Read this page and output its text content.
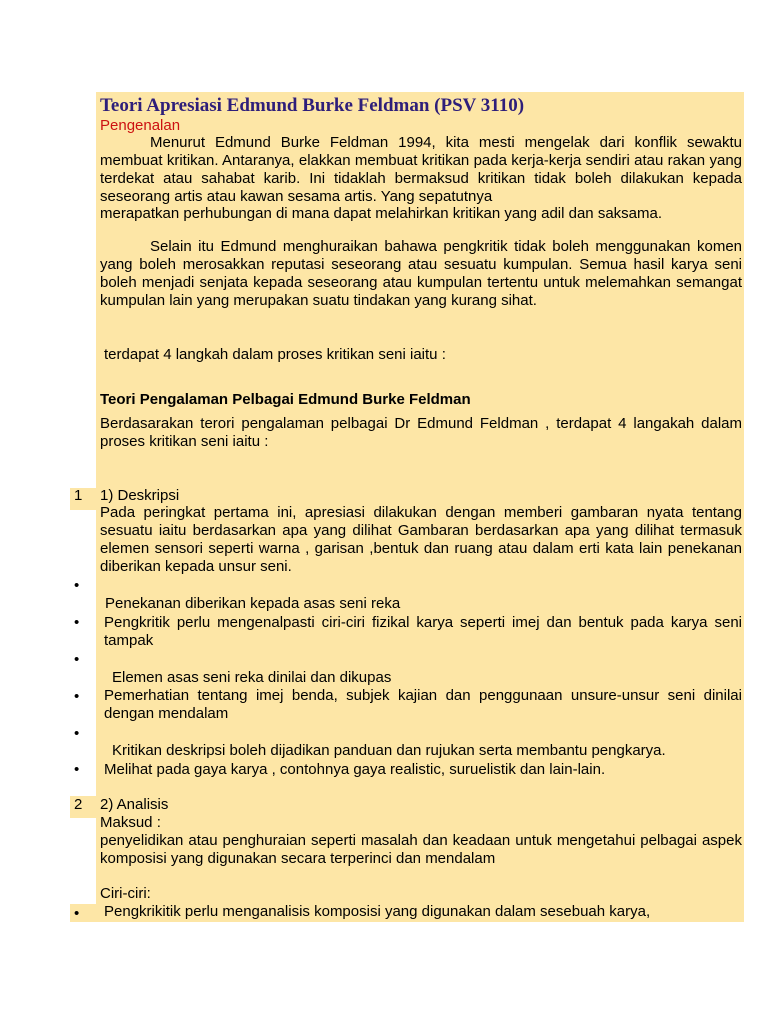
Teori Apresiasi Edmund Burke Feldman (PSV 3110)
Pengenalan
Menurut Edmund Burke Feldman 1994, kita mesti mengelak dari konflik sewaktu membuat kritikan. Antaranya, elakkan membuat kritikan pada kerja-kerja sendiri atau rakan yang terdekat atau sahabat karib. Ini tidaklah bermaksud kritikan tidak boleh dilakukan kepada seseorang artis atau kawan sesama artis. Yang sepatutnya
merapatkan perhubungan di mana dapat melahirkan kritikan yang adil dan saksama.
Selain itu Edmund menghuraikan bahawa pengkritik tidak boleh menggunakan komen yang boleh merosakkan reputasi seseorang atau sesuatu kumpulan. Semua hasil karya seni boleh menjadi senjata kepada seseorang atau kumpulan tertentu untuk melemahkan semangat kumpulan lain yang merupakan suatu tindakan yang kurang sihat.
terdapat 4 langkah dalam proses kritikan seni iaitu :
Teori Pengalaman Pelbagai Edmund Burke Feldman
Berdasarakan terori pengalaman pelbagai Dr Edmund Feldman , terdapat 4 langakah dalam proses kritikan seni iaitu :
1 1) Deskripsi
Pada peringkat pertama ini, apresiasi dilakukan dengan memberi gambaran nyata tentang sesuatu iaitu berdasarkan apa yang dilihat Gambaran berdasarkan apa yang dilihat termasuk elemen sensori seperti warna , garisan ,bentuk dan ruang atau dalam erti kata lain penekanan diberikan kepada unsur seni.
•
Penekanan diberikan kepada asas seni reka
• Pengkritik perlu mengenalpasti ciri-ciri fizikal karya seperti imej dan bentuk pada karya seni tampak
•
Elemen asas seni reka dinilai dan dikupas
• Pemerhatian tentang imej benda, subjek kajian dan penggunaan unsure-unsur seni dinilai dengan mendalam
•
Kritikan deskripsi boleh dijadikan panduan dan rujukan serta membantu pengkarya.
• Melihat pada gaya karya , contohnya gaya realistic, suruelistik dan lain-lain.
2 2) Analisis
Maksud :
penyelidikan atau penghuraian seperti masalah dan keadaan untuk mengetahui pelbagai aspek komposisi yang digunakan secara terperinci dan mendalam
Ciri-ciri:
• Pengkrikitik perlu menganalisis komposisi yang digunakan dalam sesebuah karya,
